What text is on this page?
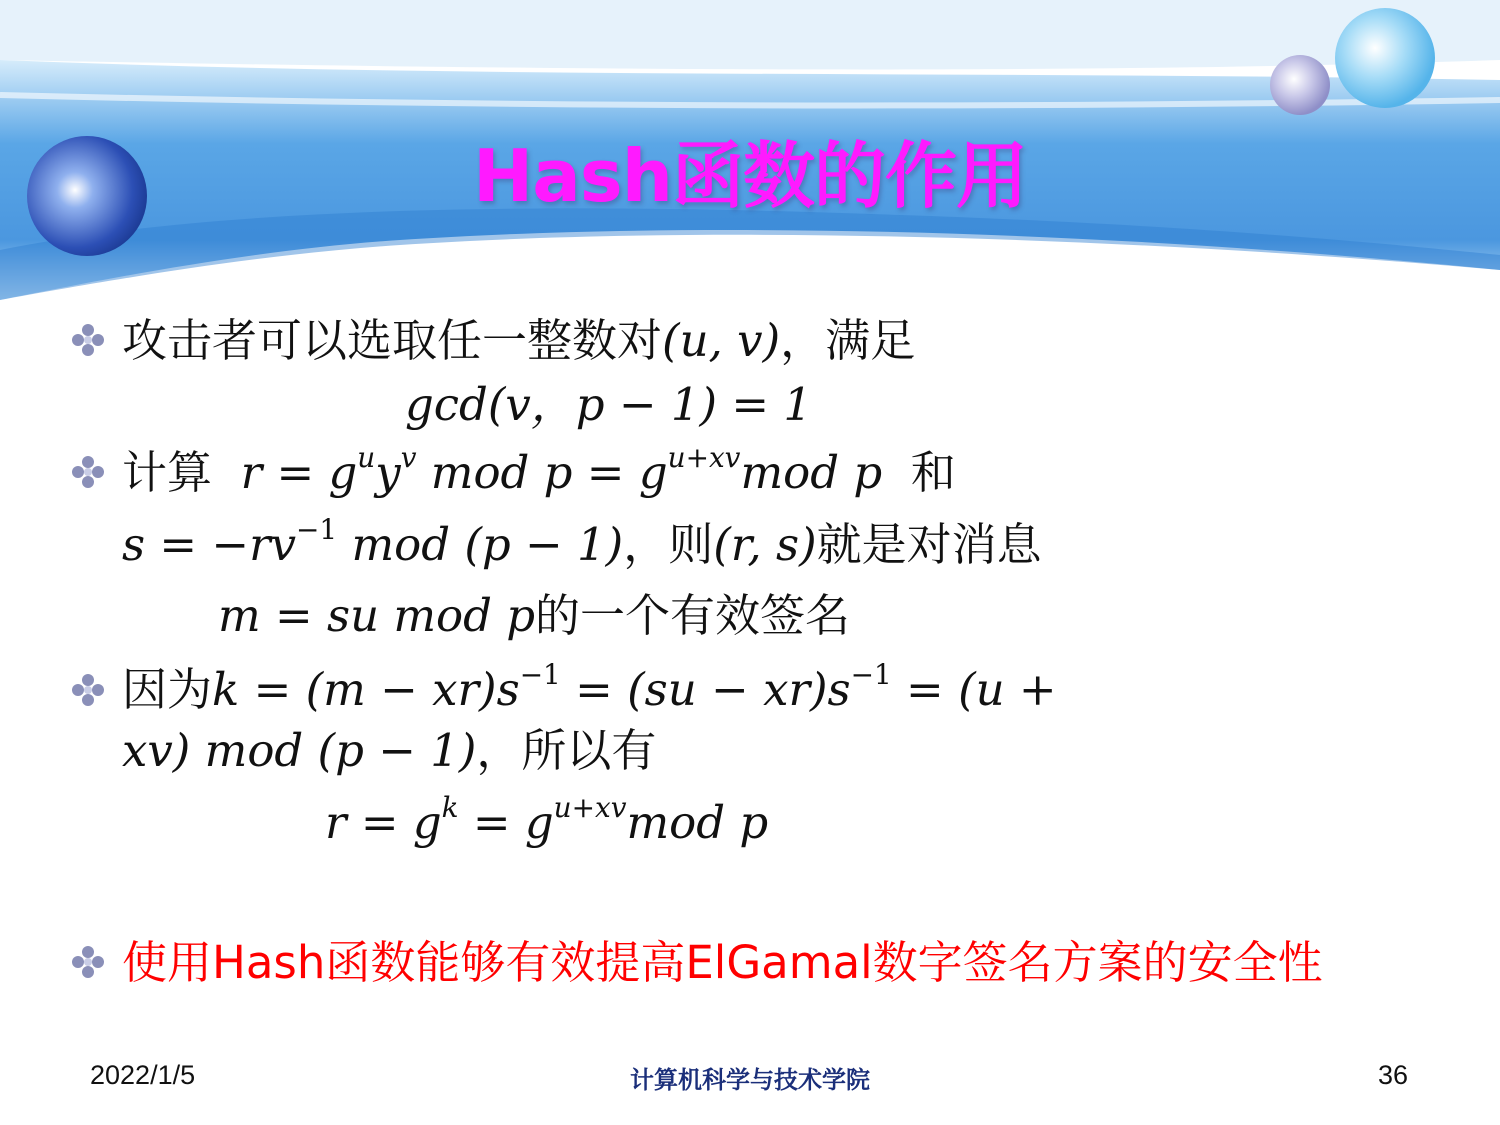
Hash函数的作用
攻击者可以选取任一整数对(u, v)，满足
gcd(v，p − 1) = 1
计算 $r = g^uy^v$ mod $p = g^{u+xv}mod$ p 和
$s = -rv^{-1}$ mod (p − 1)，则(r, s)就是对消息
m = su mod p的一个有效签名
因为$k = (m - xr)s^{-1} = (su - xr)s^{-1} = (u$ +
xv) mod (p − 1)，所以有
$r = g^k = g^{u+xv}mod$ p
使用Hash函数能够有效提高ElGamal数字签名方案的安全性
2022/1/5	计算机科学与技术学院	36
